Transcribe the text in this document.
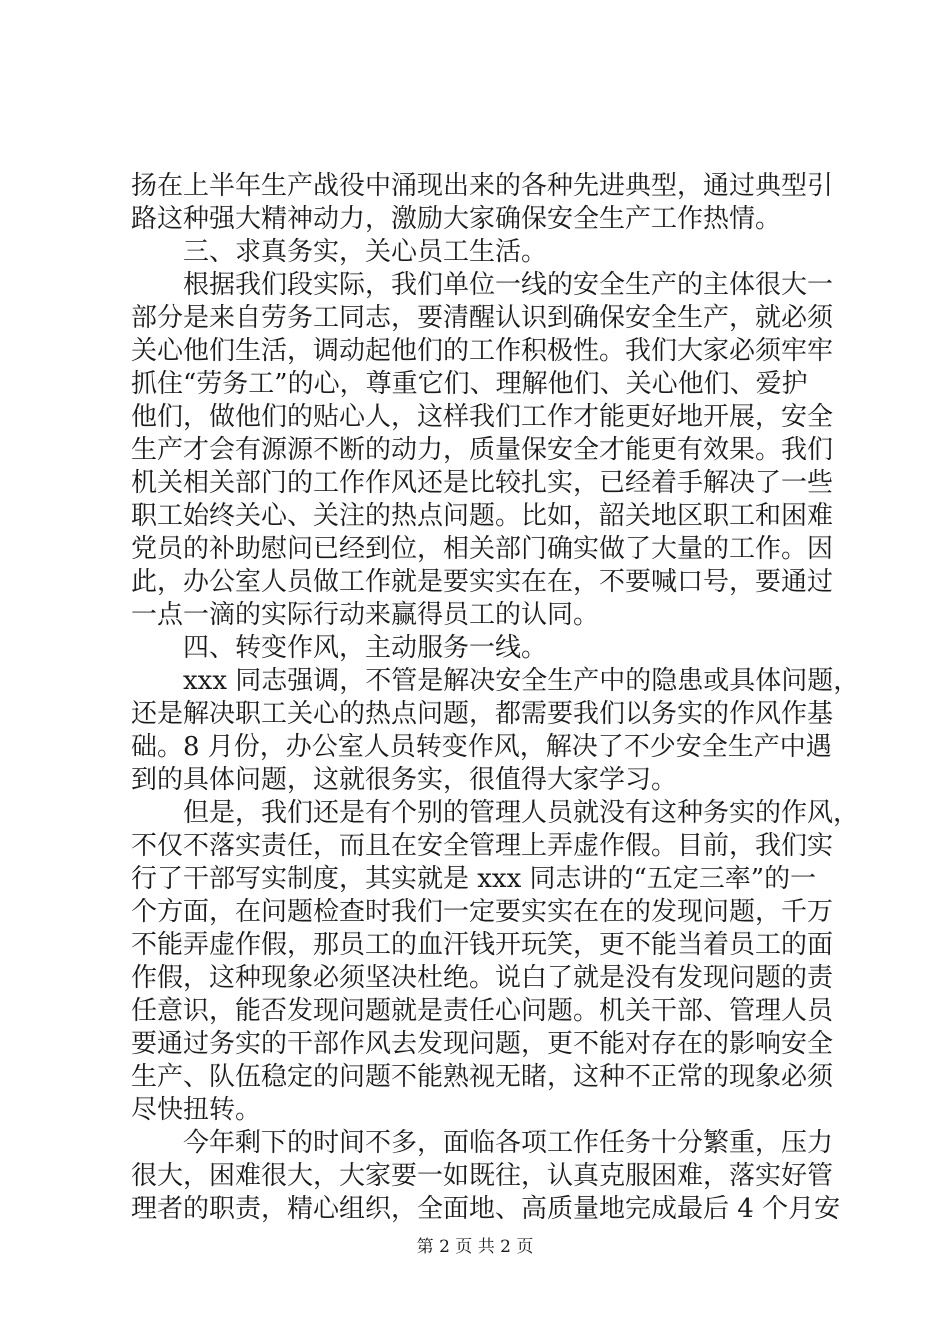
扬在上半年生产战役中涌现出来的各种先进典型，通过典型引
路这种强大精神动力，激励大家确保安全生产工作热情。
　　三、求真务实，关心员工生活。
　　根据我们段实际，我们单位一线的安全生产的主体很大一
部分是来自劳务工同志，要清醒认识到确保安全生产，就必须
关心他们生活，调动起他们的工作积极性。我们大家必须牢牢
抓住“劳务工”的心，尊重它们、理解他们、关心他们、爱护
他们，做他们的贴心人，这样我们工作才能更好地开展，安全
生产才会有源源不断的动力，质量保安全才能更有效果。我们
机关相关部门的工作作风还是比较扎实，已经着手解决了一些
职工始终关心、关注的热点问题。比如，韶关地区职工和困难
党员的补助慰问已经到位，相关部门确实做了大量的工作。因
此，办公室人员做工作就是要实实在在，不要喊口号，要通过
一点一滴的实际行动来赢得员工的认同。
　　四、转变作风，主动服务一线。
　　xxx 同志强调，不管是解决安全生产中的隐患或具体问题，
还是解决职工关心的热点问题，都需要我们以务实的作风作基
础。8 月份，办公室人员转变作风，解决了不少安全生产中遇
到的具体问题，这就很务实，很值得大家学习。
　　但是，我们还是有个别的管理人员就没有这种务实的作风，
不仅不落实责任，而且在安全管理上弄虚作假。目前，我们实
行了干部写实制度，其实就是 xxx 同志讲的“五定三率”的一
个方面，在问题检查时我们一定要实实在在的发现问题，千万
不能弄虚作假，那员工的血汗钱开玩笑，更不能当着员工的面
作假，这种现象必须坚决杜绝。说白了就是没有发现问题的责
任意识，能否发现问题就是责任心问题。机关干部、管理人员
要通过务实的干部作风去发现问题，更不能对存在的影响安全
生产、队伍稳定的问题不能熟视无睹，这种不正常的现象必须
尽快扭转。
　　今年剩下的时间不多，面临各项工作任务十分繁重，压力
很大，困难很大，大家要一如既往，认真克服困难，落实好管
理者的职责，精心组织，全面地、高质量地完成最后 4 个月安
第 2 页 共 2 页
